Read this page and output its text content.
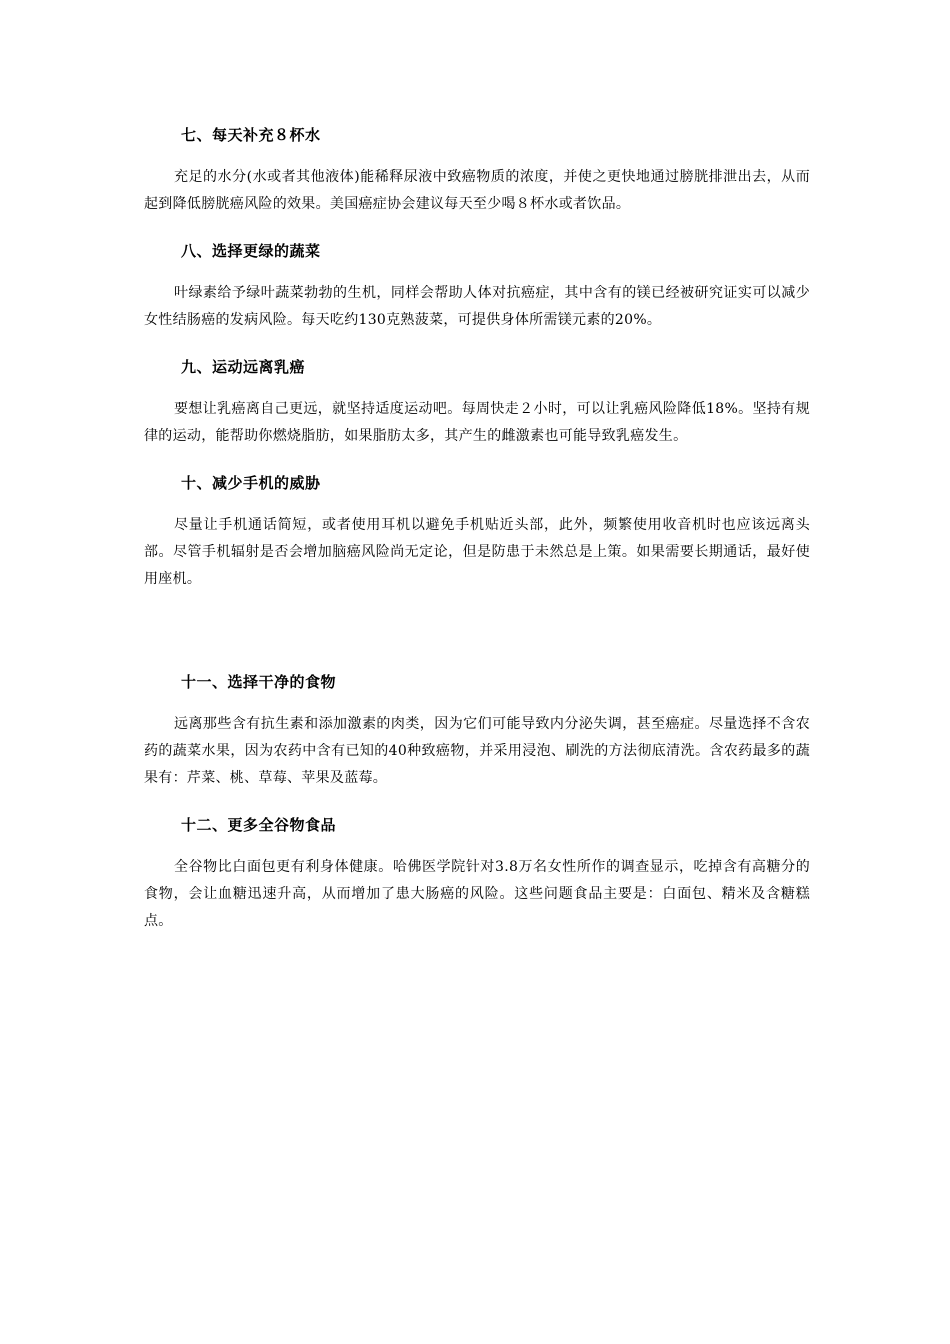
七、每天补充８杯水

充足的水分(水或者其他液体)能稀释尿液中致癌物质的浓度，并使之更快地通过膀胱排泄出去，从而起到降低膀胱癌风险的效果。美国癌症协会建议每天至少喝８杯水或者饮品。

八、选择更绿的蔬菜

叶绿素给予绿叶蔬菜勃勃的生机，同样会帮助人体对抗癌症，其中含有的镁已经被研究证实可以减少女性结肠癌的发病风险。每天吃约130克熟菠菜，可提供身体所需镁元素的20%。

九、运动远离乳癌

要想让乳癌离自己更远，就坚持适度运动吧。每周快走２小时，可以让乳癌风险降低18%。坚持有规律的运动，能帮助你燃烧脂肪，如果脂肪太多，其产生的雌激素也可能导致乳癌发生。

十、减少手机的威胁

尽量让手机通话简短，或者使用耳机以避免手机贴近头部，此外，频繁使用收音机时也应该远离头部。尽管手机辐射是否会增加脑癌风险尚无定论，但是防患于未然总是上策。如果需要长期通话，最好使用座机。

十一、选择干净的食物

远离那些含有抗生素和添加激素的肉类，因为它们可能导致内分泌失调，甚至癌症。尽量选择不含农药的蔬菜水果，因为农药中含有已知的40种致癌物，并采用浸泡、刷洗的方法彻底清洗。含农药最多的蔬果有：芹菜、桃、草莓、苹果及蓝莓。

十二、更多全谷物食品

全谷物比白面包更有利身体健康。哈佛医学院针对3.8万名女性所作的调查显示，吃掉含有高糖分的食物，会让血糖迅速升高，从而增加了患大肠癌的风险。这些问题食品主要是：白面包、精米及含糖糕点。
